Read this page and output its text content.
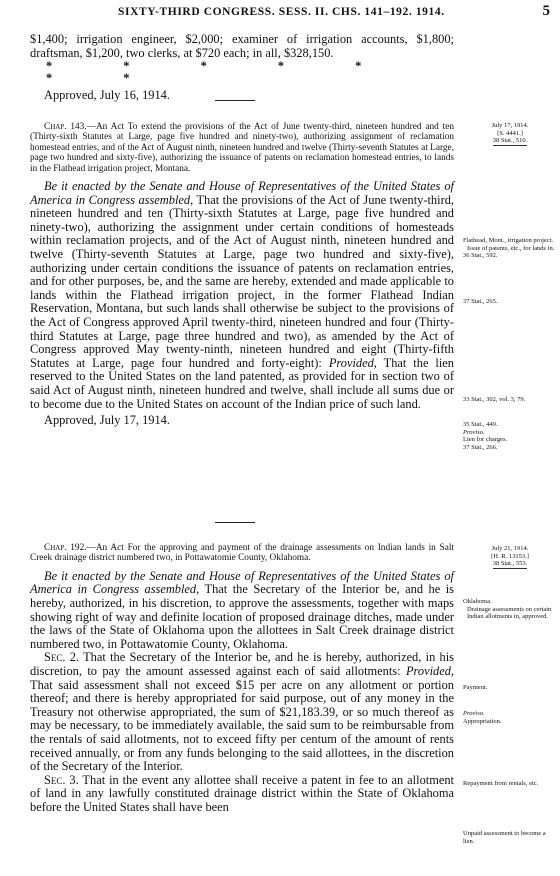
SIXTY-THIRD CONGRESS. SESS. II. CHS. 141–192. 1914.	5

$1,400; irrigation engineer, $2,000; examiner of irrigation accounts, $1,800; draftsman, $1,200, two clerks, at $720 each; in all, $328,150.

* * * * * * *

Approved, July 16, 1914.

Chap. 143.—An Act To extend the provisions of the Act of June twenty-third, nineteen hundred and ten (Thirty-sixth Statutes at Large, page five hundred and ninety-two), authorizing assignment of reclamation homestead entries, and of the Act of August ninth, nineteen hundred and twelve (Thirty-seventh Statutes at Large, page two hundred and sixty-five), authorizing the issuance of patents on reclamation homestead entries, to lands in the Flathead irrigation project, Montana.

Be it enacted by the Senate and House of Representatives of the United States of America in Congress assembled, That the provisions of the Act of June twenty-third, nineteen hundred and ten (Thirty-sixth Statutes at Large, page five hundred and ninety-two), authorizing the assignment under certain conditions of homesteads within reclamation projects, and of the Act of August ninth, nineteen hundred and twelve (Thirty-seventh Statutes at Large, page two hundred and sixty-five), authorizing under certain conditions the issuance of patents on reclamation entries, and for other purposes, be, and the same are hereby, extended and made applicable to lands within the Flathead irrigation project, in the former Flathead Indian Reservation, Montana, but such lands shall otherwise be subject to the provisions of the Act of Congress approved April twenty-third, nineteen hundred and four (Thirty-third Statutes at Large, page three hundred and two), as amended by the Act of Congress approved May twenty-ninth, nineteen hundred and eight (Thirty-fifth Statutes at Large, page four hundred and forty-eight): Provided, That the lien reserved to the United States on the land patented, as provided for in section two of said Act of August ninth, nineteen hundred and twelve, shall include all sums due or to become due to the United States on account of the Indian price of such land.

Approved, July 17, 1914.

July 17, 1914.

[S. 4441.]

38 Stat., 510.

Flathead, Mont., irrigation project.

Issue of patents, etc., for lands in.

36 Stat., 592.

37 Stat., 265.

33 Stat., 302, vol. 3, 79.

35 Stat., 449.

Proviso.

Lien for charges.

37 Stat., 266.

Chap. 192.—An Act For the approving and payment of the drainage assessments on Indian lands in Salt Creek drainage district numbered two, in Pottawatomie County, Oklahoma.

Be it enacted by the Senate and House of Representatives of the United States of America in Congress assembled, That the Secretary of the Interior be, and he is hereby, authorized, in his discretion, to approve the assessments, together with maps showing right of way and definite location of proposed drainage ditches, made under the laws of the State of Oklahoma upon the allottees in Salt Creek drainage district numbered two, in Pottawatomie County, Oklahoma.

Sec. 2. That the Secretary of the Interior be, and he is hereby, authorized, in his discretion, to pay the amount assessed against each of said allotments: Provided, That said assessment shall not exceed $15 per acre on any allotment or portion thereof; and there is hereby appropriated for said purpose, out of any money in the Treasury not otherwise appropriated, the sum of $21,183.39, or so much thereof as may be necessary, to be immediately available, the said sum to be reimbursable from the rentals of said allotments, not to exceed fifty per centum of the amount of rents received annually, or from any funds belonging to the said allottees, in the discretion of the Secretary of the Interior.

Sec. 3. That in the event any allottee shall receive a patent in fee to an allotment of land in any lawfully constituted drainage district within the State of Oklahoma before the United States shall have been

July 21, 1914.

[H. R. 13153.]

38 Stat., 553.

Oklahoma.

Drainage assessments on certain Indian allotments in, approved.

Payment.

Proviso.

Appropriation.

Repayment from rentals, etc.

Unpaid assessment to become a lien.
